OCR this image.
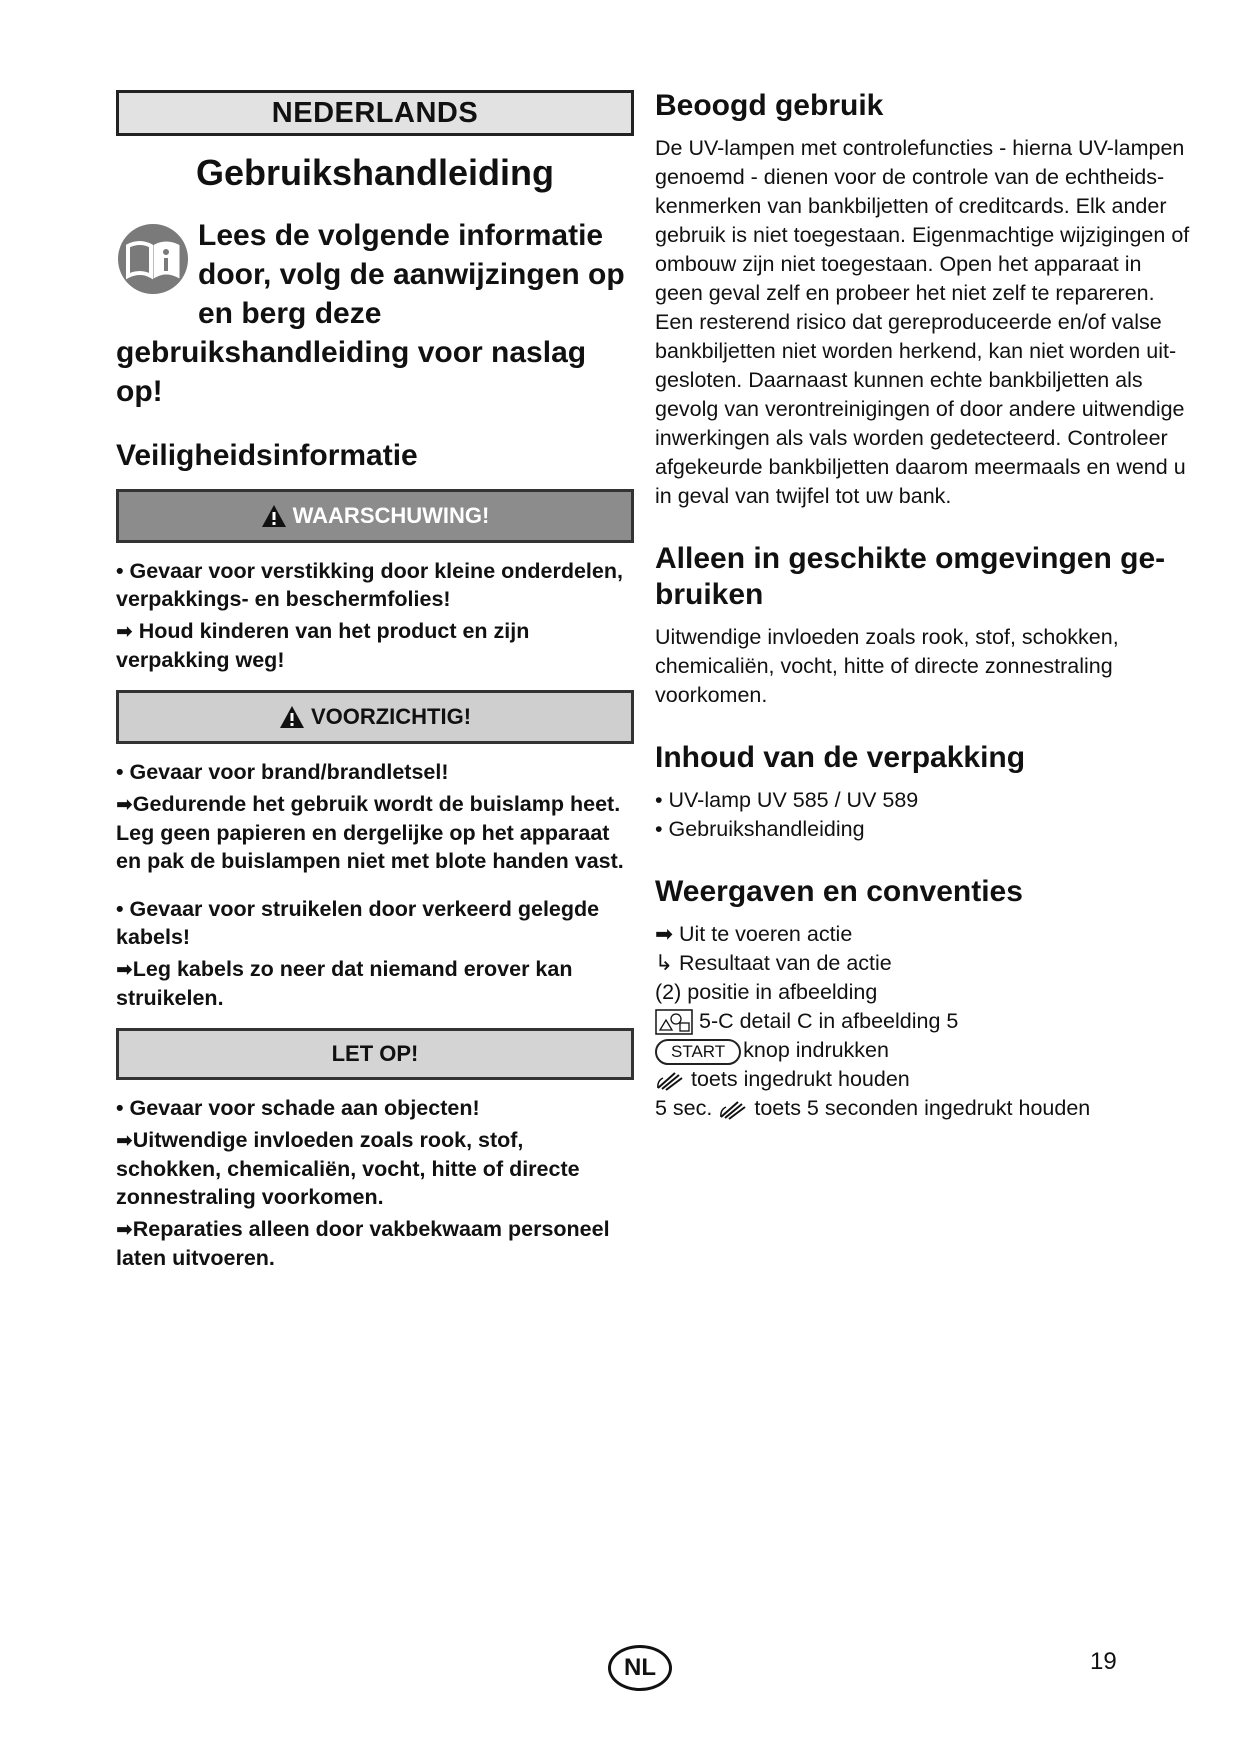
NEDERLANDS
Gebruikshandleiding
Lees de volgende informatie door, volg de aanwijzingen op en berg deze gebruikshandleiding voor naslag op!
Veiligheidsinformatie
WAARSCHUWING!
• Gevaar voor verstikking door kleine onderdelen, verpakkings- en beschermfolies!
➡ Houd kinderen van het product en zijn verpakking weg!
VOORZICHTIG!
• Gevaar voor brand/brandletsel!
➡Gedurende het gebruik wordt de buislamp heet. Leg geen papieren en dergelijke op het apparaat en pak de buislampen niet met blote handen vast.
• Gevaar voor struikelen door verkeerd gelegde kabels!
➡Leg kabels zo neer dat niemand erover kan struikelen.
LET OP!
• Gevaar voor schade aan objecten!
➡Uitwendige invloeden zoals rook, stof, schokken, chemicaliën, vocht, hitte of directe zonnestraling voorkomen.
➡Reparaties alleen door vakbekwaam personeel laten uitvoeren.
Beoogd gebruik
De UV-lampen met controlefuncties - hierna UV-lampen genoemd - dienen voor de controle van de echtheids-kenmerken van bankbiljetten of creditcards. Elk ander gebruik is niet toegestaan. Eigenmachtige wijzigingen of ombouw zijn niet toegestaan. Open het apparaat in geen geval zelf en probeer het niet zelf te repareren.
Een resterend risico dat gereproduceerde en/of valse bankbiljetten niet worden herkend, kan niet worden uit-gesloten. Daarnaast kunnen echte bankbiljetten als gevolg van verontreinigingen of door andere uitwendige inwerkingen als vals worden gedetecteerd. Controleer afgekeurde bankbiljetten daarom meermaals en wend u in geval van twijfel tot uw bank.
Alleen in geschikte omgevingen ge-bruiken
Uitwendige invloeden zoals rook, stof, schokken, chemicaliën, vocht, hitte of directe zonnestraling voorkomen.
Inhoud van de verpakking
• UV-lamp UV 585 / UV 589
• Gebruikshandleiding
Weergaven en conventies
➡ Uit te voeren actie
↳ Resultaat van de actie
(2) positie in afbeelding
5-C detail C in afbeelding 5
START knop indrukken
toets ingedrukt houden
5 sec. toets 5 seconden ingedrukt houden
NL	19
